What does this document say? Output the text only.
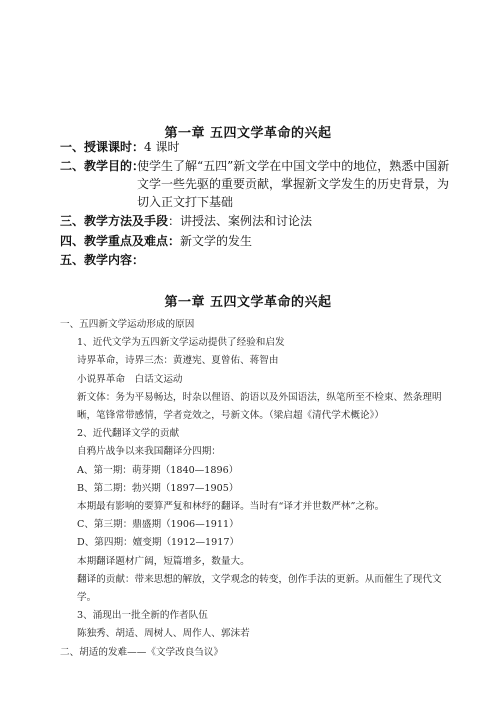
第一章 五四文学革命的兴起
一、授课课时：4 课时
二、教学目的：
使学生了解“五四”新文学在中国文学中的地位，熟悉中国新文学一些先驱的重要贡献，掌握新文学发生的历史背景，为切入正文打下基础
三、教学方法及手段：讲授法、案例法和讨论法
四、教学重点及难点：新文学的发生
五、教学内容：
第一章 五四文学革命的兴起

一、五四新文学运动形成的原因

1、近代文学为五四新文学运动提供了经验和启发

诗界革命，诗界三杰：黄遵宪、夏曾佑、蒋智由

小说界革命　白话文运动

新文体：务为平易畅达，时杂以俚语、韵语以及外国语法，纵笔所至不检束、然条理明晰，笔锋常带感情，学者竞效之，号新文体。（梁启超《清代学术概论》）

2、近代翻译文学的贡献

自鸦片战争以来我国翻译分四期：

A、第一期：萌芽期（1840—1896）

B、第二期：勃兴期（1897—1905）

本期最有影响的要算严复和林纾的翻译。当时有“译才并世数严林”之称。

C、第三期：鼎盛期（1906—1911）

D、第四期：嬗变期（1912—1917）

本期翻译题材广阔，短篇增多，数量大。

翻译的贡献：带来思想的解放，文学观念的转变，创作手法的更新。从而催生了现代文学。

3、涌现出一批全新的作者队伍

陈独秀、胡适、周树人、周作人、郭沫若

二、胡适的发难——《文学改良刍议》
